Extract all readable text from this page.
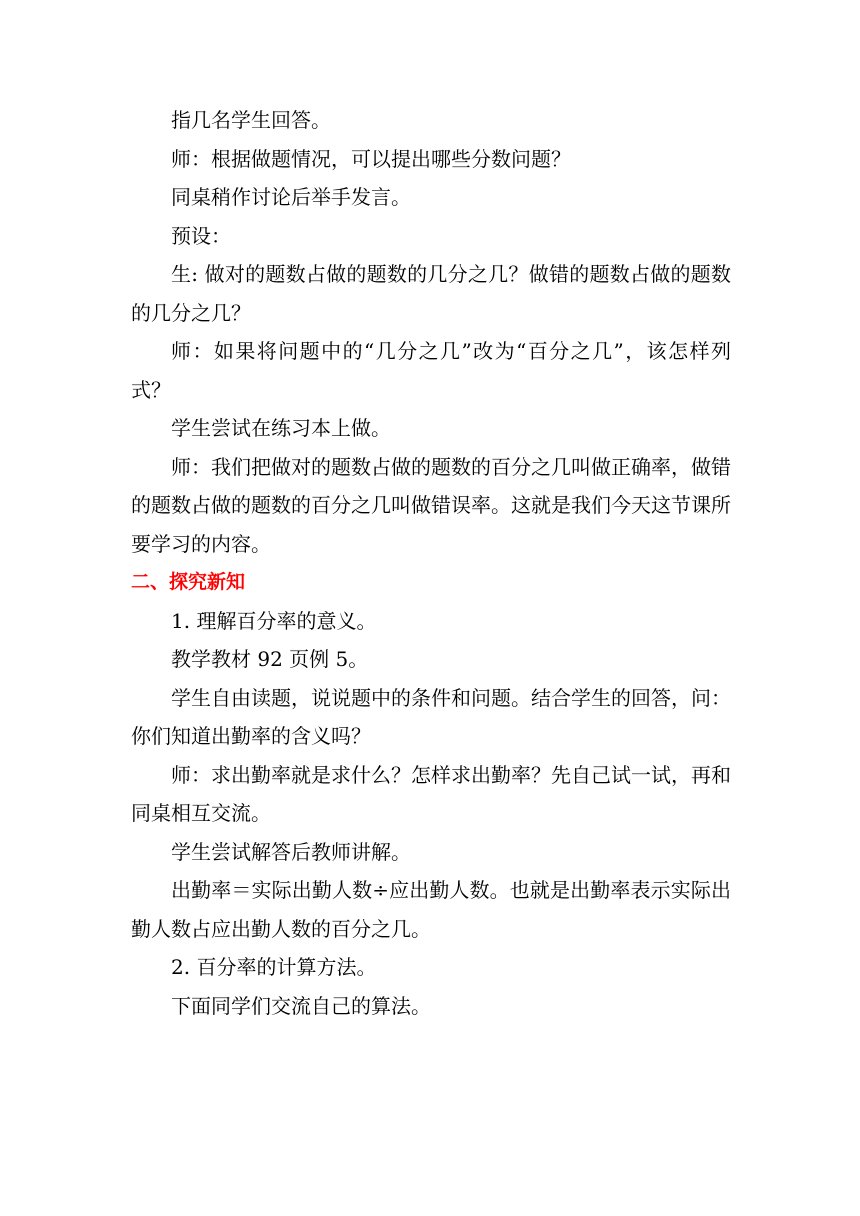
指几名学生回答。

师：根据做题情况，可以提出哪些分数问题？

同桌稍作讨论后举手发言。

预设：

生: 做对的题数占做的题数的几分之几？做错的题数占做的题数的几分之几？

师：如果将问题中的“几分之几”改为“百分之几”，该怎样列式？

学生尝试在练习本上做。

师：我们把做对的题数占做的题数的百分之几叫做正确率，做错的题数占做的题数的百分之几叫做错误率。这就是我们今天这节课所要学习的内容。

二、探究新知

1. 理解百分率的意义。

教学教材 92 页例 5。

学生自由读题，说说题中的条件和问题。结合学生的回答，问：你们知道出勤率的含义吗？

师：求出勤率就是求什么？怎样求出勤率？先自己试一试，再和同桌相互交流。

学生尝试解答后教师讲解。

出勤率＝实际出勤人数÷应出勤人数。也就是出勤率表示实际出勤人数占应出勤人数的百分之几。

2. 百分率的计算方法。

下面同学们交流自己的算法。
